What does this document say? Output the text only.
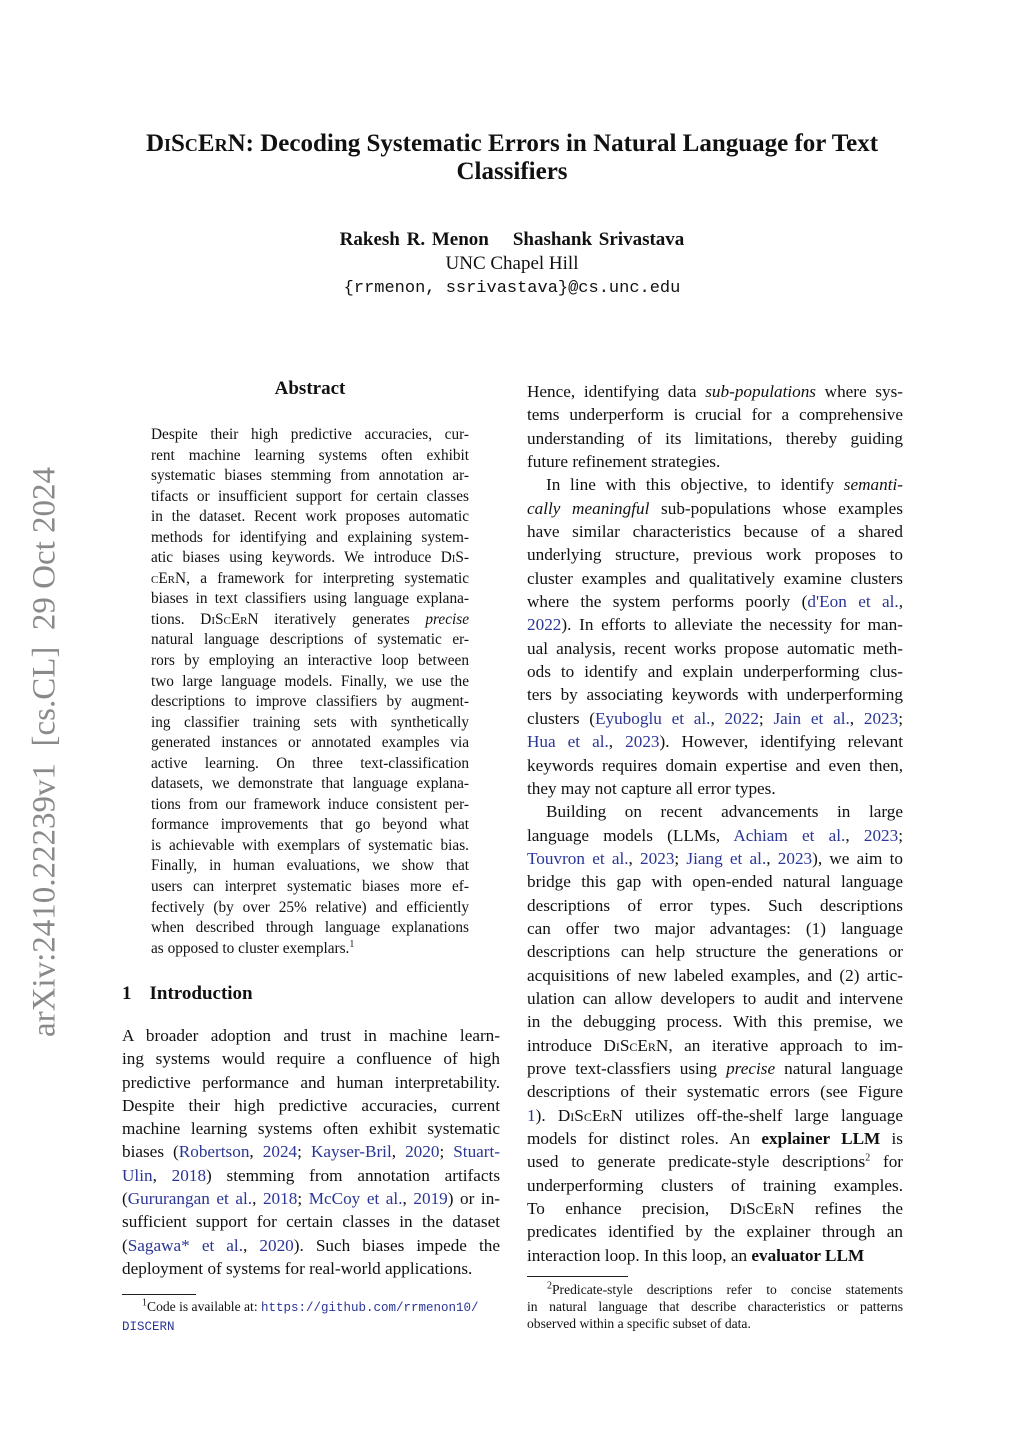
DiScErN: Decoding Systematic Errors in Natural Language for Text
Classifiers
Rakesh R. Menon Shashank Srivastava
UNC Chapel Hill
{rrmenon, ssrivastava}@cs.unc.edu
arXiv:2410.22239v1  [cs.CL]  29 Oct 2024
Abstract
Despite their high predictive accuracies, cur-
rent machine learning systems often exhibit
systematic biases stemming from annotation ar-
tifacts or insufficient support for certain classes
in the dataset. Recent work proposes automatic
methods for identifying and explaining system-
atic biases using keywords. We introduce DiS-
cErN, a framework for interpreting systematic
biases in text classifiers using language explana-
tions. DiScErN iteratively generates precise
natural language descriptions of systematic er-
rors by employing an interactive loop between
two large language models. Finally, we use the
descriptions to improve classifiers by augment-
ing classifier training sets with synthetically
generated instances or annotated examples via
active learning. On three text-classification
datasets, we demonstrate that language explana-
tions from our framework induce consistent per-
formance improvements that go beyond what
is achievable with exemplars of systematic bias.
Finally, in human evaluations, we show that
users can interpret systematic biases more ef-
fectively (by over 25% relative) and efficiently
when described through language explanations
as opposed to cluster exemplars.$^1$
1 Introduction
A broader adoption and trust in machine learn-
ing systems would require a confluence of high
predictive performance and human interpretability.
Despite their high predictive accuracies, current
machine learning systems often exhibit systematic
biases (Robertson, 2024; Kayser-Bril, 2020; Stuart-
Ulin, 2018) stemming from annotation artifacts
(Gururangan et al., 2018; McCoy et al., 2019) or in-
sufficient support for certain classes in the dataset
(Sagawa* et al., 2020). Such biases impede the
deployment of systems for real-world applications.
Hence, identifying data sub-populations where sys-
tems underperform is crucial for a comprehensive
understanding of its limitations, thereby guiding
future refinement strategies.
In line with this objective, to identify semanti-
cally meaningful sub-populations whose examples
have similar characteristics because of a shared
underlying structure, previous work proposes to
cluster examples and qualitatively examine clusters
where the system performs poorly (d'Eon et al.,
2022). In efforts to alleviate the necessity for man-
ual analysis, recent works propose automatic meth-
ods to identify and explain underperforming clus-
ters by associating keywords with underperforming
clusters (Eyuboglu et al., 2022; Jain et al., 2023;
Hua et al., 2023). However, identifying relevant
keywords requires domain expertise and even then,
they may not capture all error types.
Building on recent advancements in large
language models (LLMs, Achiam et al., 2023;
Touvron et al., 2023; Jiang et al., 2023), we aim to
bridge this gap with open-ended natural language
descriptions of error types. Such descriptions
can offer two major advantages: (1) language
descriptions can help structure the generations or
acquisitions of new labeled examples, and (2) artic-
ulation can allow developers to audit and intervene
in the debugging process. With this premise, we
introduce DiScErN, an iterative approach to im-
prove text-classfiers using precise natural language
descriptions of their systematic errors (see Figure
1). DiScErN utilizes off-the-shelf large language
models for distinct roles. An explainer LLM is
used to generate predicate-style descriptions$^2$ for
underperforming clusters of training examples.
To enhance precision, DiScErN refines the
predicates identified by the explainer through an
interaction loop. In this loop, an evaluator LLM
$^1$Code is available at: https://github.com/rrmenon10/
DISCERN
$^2$Predicate-style descriptions refer to concise statements
in natural language that describe characteristics or patterns
observed within a specific subset of data.
